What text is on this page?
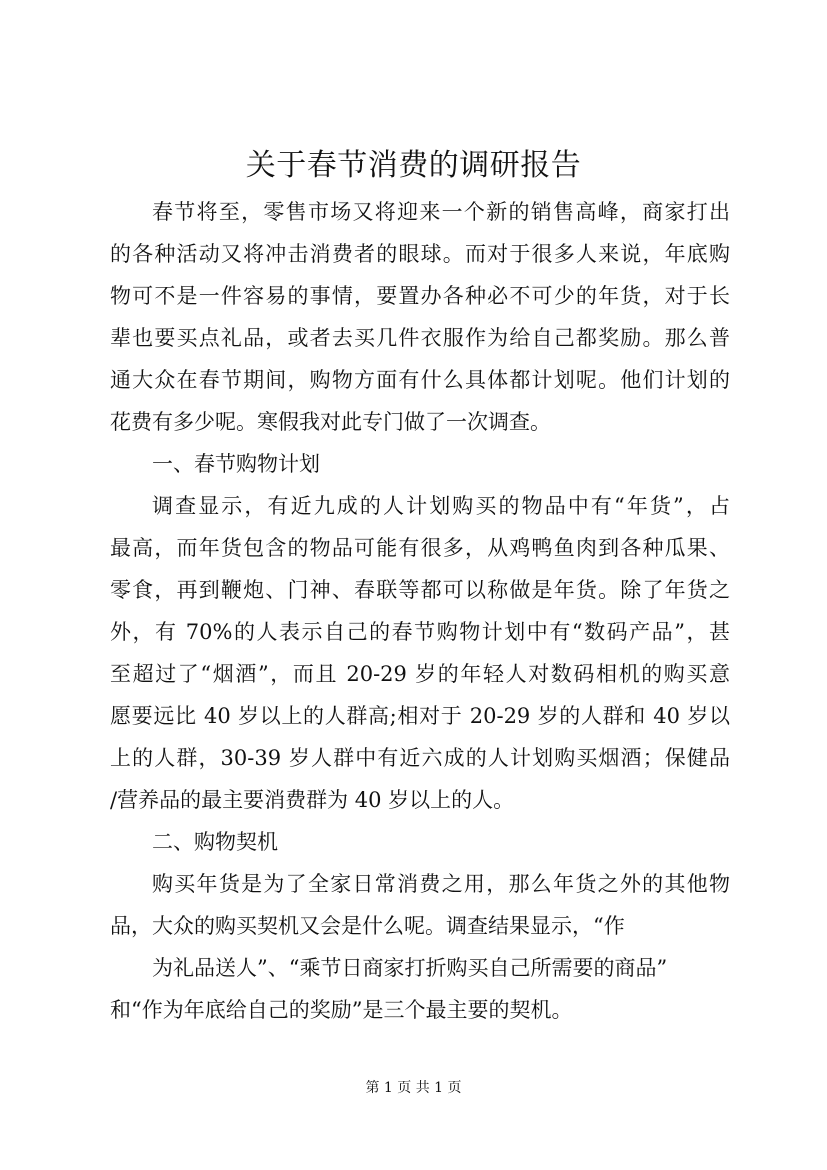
关于春节消费的调研报告

春节将至，零售市场又将迎来一个新的销售高峰，商家打出

的各种活动又将冲击消费者的眼球。而对于很多人来说，年底购

物可不是一件容易的事情，要置办各种必不可少的年货，对于长

辈也要买点礼品，或者去买几件衣服作为给自己都奖励。那么普

通大众在春节期间，购物方面有什么具体都计划呢。他们计划的

花费有多少呢。寒假我对此专门做了一次调查。

一、春节购物计划

调查显示，有近九成的人计划购买的物品中有“年货”，占

最高，而年货包含的物品可能有很多，从鸡鸭鱼肉到各种瓜果、

零食，再到鞭炮、门神、春联等都可以称做是年货。除了年货之

外，有 70%的人表示自己的春节购物计划中有“数码产品”，甚

至超过了“烟酒”，而且 20-29 岁的年轻人对数码相机的购买意

愿要远比 40 岁以上的人群高;相对于 20-29 岁的人群和 40 岁以

上的人群，30-39 岁人群中有近六成的人计划购买烟酒；保健品

/营养品的最主要消费群为 40 岁以上的人。

二、购物契机

购买年货是为了全家日常消费之用，那么年货之外的其他物

品，大众的购买契机又会是什么呢。调查结果显示，“作

为礼品送人”、“乘节日商家打折购买自己所需要的商品”

和“作为年底给自己的奖励”是三个最主要的契机。

第 1 页 共 1 页
